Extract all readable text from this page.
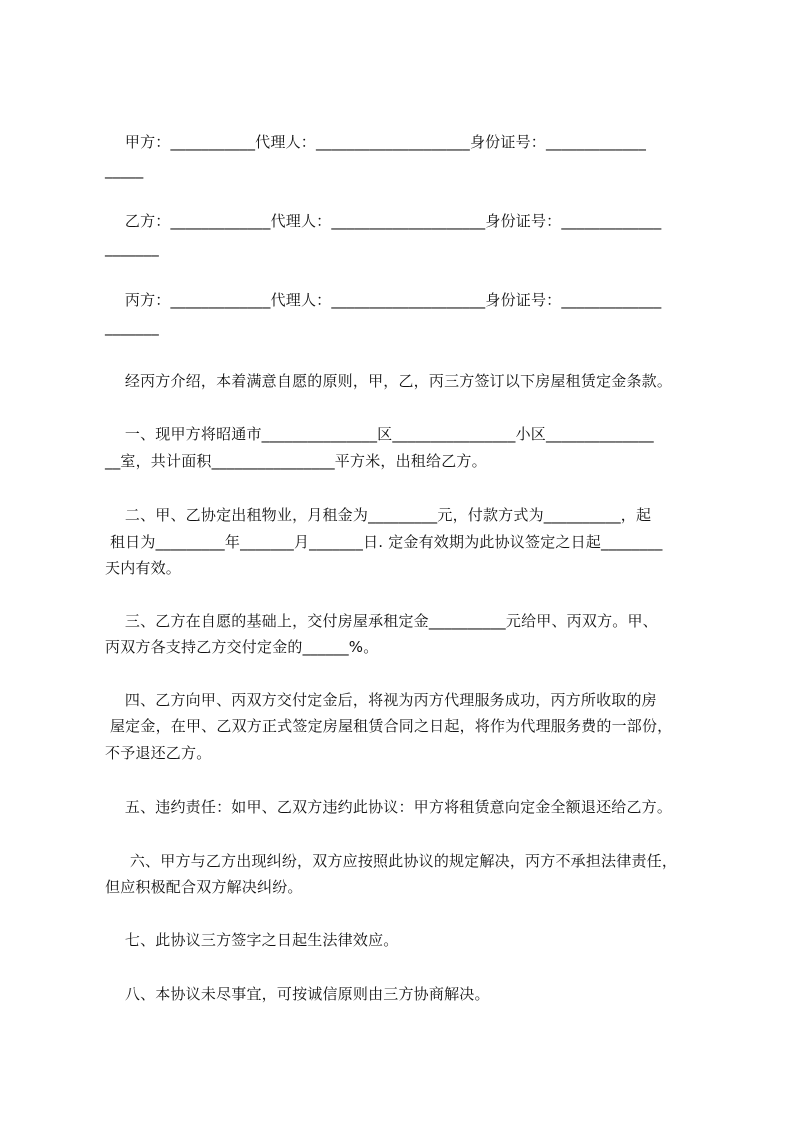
甲方：___________代理人：____________________身份证号：_____________
_____
乙方：_____________代理人：____________________身份证号：_____________
_______
丙方：_____________代理人：____________________身份证号：_____________
_______
经丙方介绍，本着满意自愿的原则，甲，乙，丙三方签订以下房屋租赁定金条款。
一、现甲方将昭通市_______________区________________小区______________
__室，共计面积________________平方米，出租给乙方。
二、甲、乙协定出租物业，月租金为_________元，付款方式为__________，起
租日为_________年_______月_______日. 定金有效期为此协议签定之日起________
天内有效。
三、乙方在自愿的基础上，交付房屋承租定金__________元给甲、丙双方。甲、
丙双方各支持乙方交付定金的______%。
四、乙方向甲、丙双方交付定金后，将视为丙方代理服务成功，丙方所收取的房
屋定金，在甲、乙双方正式签定房屋租赁合同之日起，将作为代理服务费的一部份，
不予退还乙方。
五、违约责任：如甲、乙双方违约此协议：甲方将租赁意向定金全额退还给乙方。
六、甲方与乙方出现纠纷，双方应按照此协议的规定解决，丙方不承担法律责任，
但应积极配合双方解决纠纷。
七、此协议三方签字之日起生法律效应。
八、本协议未尽事宜，可按诚信原则由三方协商解决。
